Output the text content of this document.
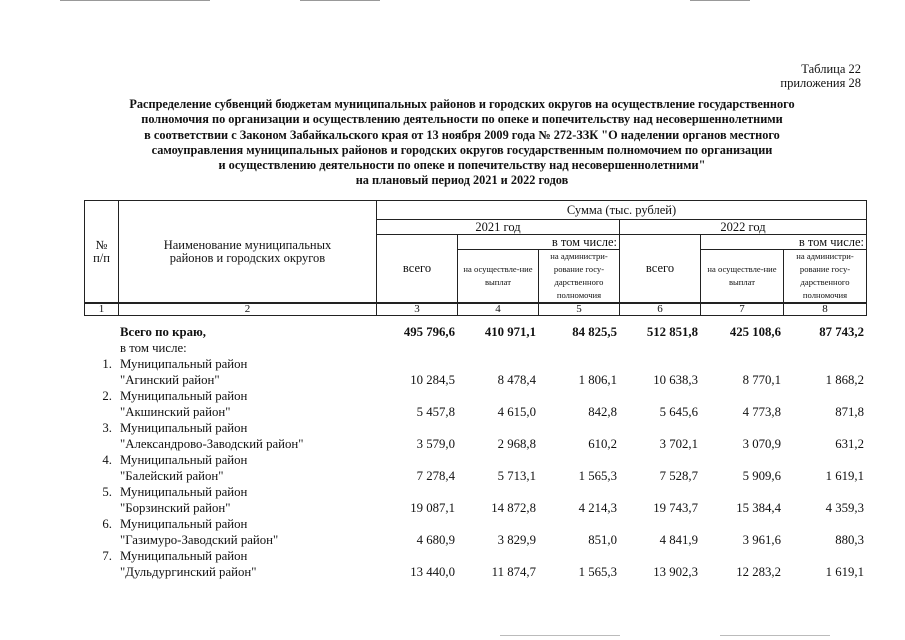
Таблица 22
приложения 28
Распределение субвенций бюджетам муниципальных районов и городских округов на осуществление государственного
полномочия по организации и осуществлению деятельности по опеке и попечительству над несовершеннолетними
в соответствии с Законом Забайкальского края от 13 ноября 2009 года № 272-ЗЗК "О наделении органов местного
самоуправления муниципальных районов и городских округов государственным полномочием по организации
и осуществлению деятельности по опеке и попечительству над несовершеннолетними"
на плановый период 2021 и 2022 годов
№ п/п	Наименование муниципальных районов и городских округов	Сумма (тыс. рублей)					
		2021 год			2022 год		
		всего	в том числе:		всего	в том числе:	
			на осуществле-ние выплат	на администри-рование госу-дарственного полномочия		на осуществле-ние выплат	на администри-рование госу-дарственного полномочия
1	2	3	4	5	6	7	8
	Всего по краю,	495 796,6	410 971,1	84 825,5	512 851,8	425 108,6	87 743,2
	в том числе:						
1.	Муниципальный район						
	"Агинский район"	10 284,5	8 478,4	1 806,1	10 638,3	8 770,1	1 868,2
2.	Муниципальный район						
	"Акшинский район"	5 457,8	4 615,0	842,8	5 645,6	4 773,8	871,8
3.	Муниципальный район						
	"Александрово-Заводский район"	3 579,0	2 968,8	610,2	3 702,1	3 070,9	631,2
4.	Муниципальный район						
	"Балейский район"	7 278,4	5 713,1	1 565,3	7 528,7	5 909,6	1 619,1
5.	Муниципальный район						
	"Борзинский район"	19 087,1	14 872,8	4 214,3	19 743,7	15 384,4	4 359,3
6.	Муниципальный район						
	"Газимуро-Заводский район"	4 680,9	3 829,9	851,0	4 841,9	3 961,6	880,3
7.	Муниципальный район						
	"Дульдургинский район"	13 440,0	11 874,7	1 565,3	13 902,3	12 283,2	1 619,1
